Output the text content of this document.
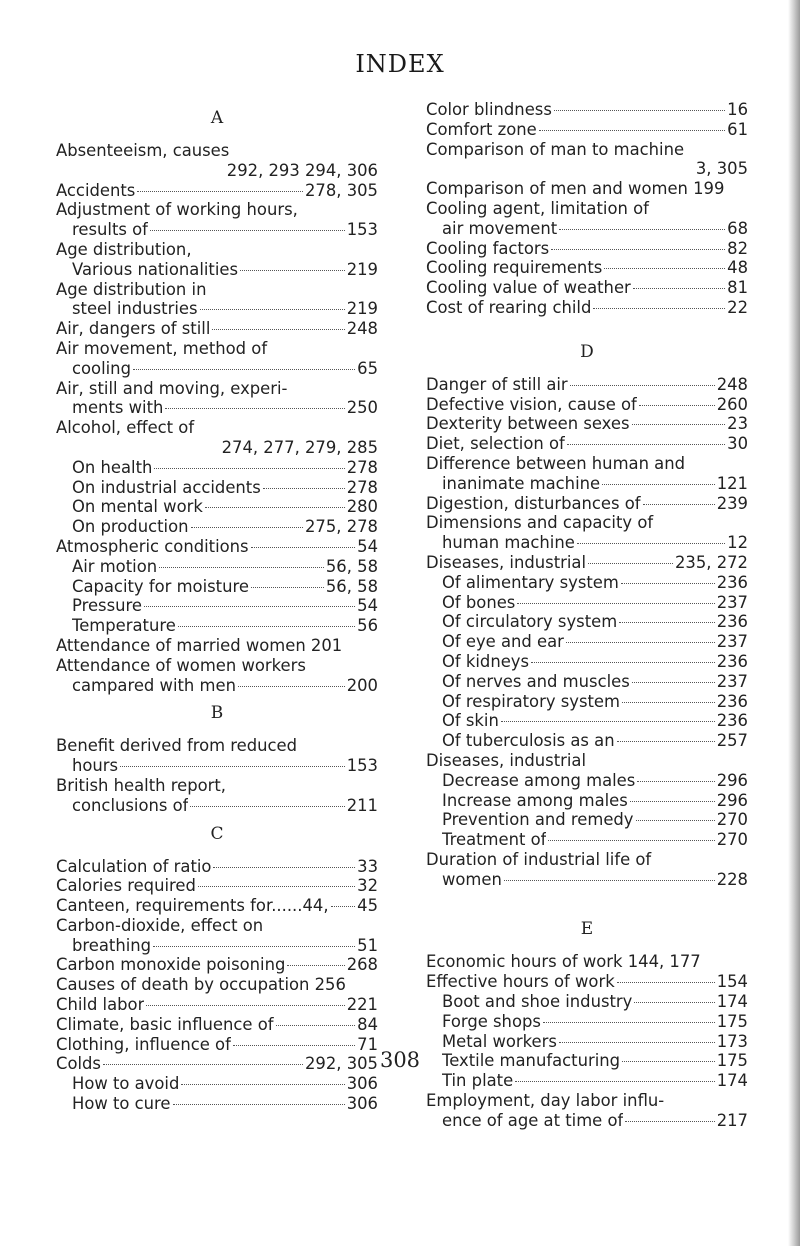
INDEX
A
Absenteeism, causes
292, 293 294, 306
Accidents	278, 305
Adjustment of working hours,
results of	153
Age distribution,
Various nationalities	219
Age distribution in
steel industries	219
Air, dangers of still	248
Air movement, method of
cooling	65
Air, still and moving, experi-
ments with	250
Alcohol, effect of
274, 277, 279, 285
On health	278
On industrial accidents	278
On mental work	280
On production	275, 278
Atmospheric conditions	54
Air motion	56, 58
Capacity for moisture	56, 58
Pressure	54
Temperature	56
Attendance of married women 201
Attendance of women workers
campared with men	200
B
Benefit derived from reduced
hours	153
British health report,
conclusions of	211
C
Calculation of ratio	33
Calories required	32
Canteen, requirements for......44, 45
Carbon-dioxide, effect on
breathing	51
Carbon monoxide poisoning	268
Causes of death by occupation 256
Child labor	221
Climate, basic influence of	84
Clothing, influence of	71
Colds	292, 305
How to avoid	306
How to cure	306
Color blindness	16
Comfort zone	61
Comparison of man to machine
3, 305
Comparison of men and women 199
Cooling agent, limitation of
air movement	68
Cooling factors	82
Cooling requirements	48
Cooling value of weather	81
Cost of rearing child	22
D
Danger of still air	248
Defective vision, cause of	260
Dexterity between sexes	23
Diet, selection of	30
Difference between human and
inanimate machine	121
Digestion, disturbances of	239
Dimensions and capacity of
human machine	12
Diseases, industrial	235, 272
Of alimentary system	236
Of bones	237
Of circulatory system	236
Of eye and ear	237
Of kidneys	236
Of nerves and muscles	237
Of respiratory system	236
Of skin	236
Of tuberculosis as an	257
Diseases, industrial
Decrease among males	296
Increase among males	296
Prevention and remedy	270
Treatment of	270
Duration of industrial life of
women	228
E
Economic hours of work 144, 177
Effective hours of work	154
Boot and shoe industry	174
Forge shops	175
Metal workers	173
Textile manufacturing	175
Tin plate	174
Employment, day labor influ-
ence of age at time of	217
308
